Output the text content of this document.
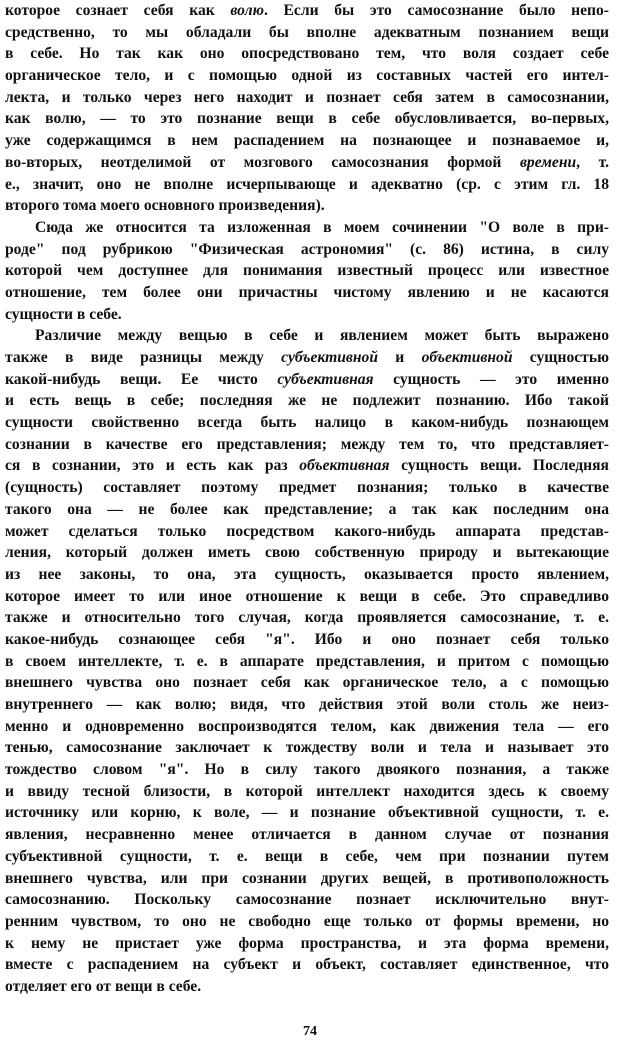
которое сознает себя как волю. Если бы это самосознание было непо-
средственно, то мы обладали бы вполне адекватным познанием вещи
в себе. Но так как оно опосредствовано тем, что воля создает себе
органическое тело, и с помощью одной из составных частей его интел-
лекта, и только через него находит и познает себя затем в самосознании,
как волю, — то это познание вещи в себе обусловливается, во-первых,
уже содержащимся в нем распадением на познающее и познаваемое и,
во-вторых, неотделимой от мозгового самосознания формой времени, т.
е., значит, оно не вполне исчерпывающе и адекватно (ср. с этим гл. 18
второго тома моего основного произведения).
Сюда же относится та изложенная в моем сочинении "О воле в при-
роде" под рубрикою "Физическая астрономия" (с. 86) истина, в силу
которой чем доступнее для понимания известный процесс или известное
отношение, тем более они причастны чистому явлению и не касаются
сущности в себе.
Различие между вещью в себе и явлением может быть выражено
также в виде разницы между субъективной и объективной сущностью
какой-нибудь вещи. Ее чисто субъективная сущность — это именно
и есть вещь в себе; последняя же не подлежит познанию. Ибо такой
сущности свойственно всегда быть налицо в каком-нибудь познающем
сознании в качестве его представления; между тем то, что представляет-
ся в сознании, это и есть как раз объективная сущность вещи. Последняя
(сущность) составляет поэтому предмет познания; только в качестве
такого она — не более как представление; а так как последним она
может сделаться только посредством какого-нибудь аппарата представ-
ления, который должен иметь свою собственную природу и вытекающие
из нее законы, то она, эта сущность, оказывается просто явлением,
которое имеет то или иное отношение к вещи в себе. Это справедливо
также и относительно того случая, когда проявляется самосознание, т. е.
какое-нибудь сознающее себя "я". Ибо и оно познает себя только
в своем интеллекте, т. е. в аппарате представления, и притом с помощью
внешнего чувства оно познает себя как органическое тело, а с помощью
внутреннего — как волю; видя, что действия этой воли столь же неиз-
менно и одновременно воспроизводятся телом, как движения тела — его
тенью, самосознание заключает к тождеству воли и тела и называет это
тождество словом "я". Но в силу такого двоякого познания, а также
и ввиду тесной близости, в которой интеллект находится здесь к своему
источнику или корню, к воле, — и познание объективной сущности, т. е.
явления, несравненно менее отличается в данном случае от познания
субъективной сущности, т. е. вещи в себе, чем при познании путем
внешнего чувства, или при сознании других вещей, в противоположность
самосознанию. Поскольку самосознание познает исключительно внут-
ренним чувством, то оно не свободно еще только от формы времени, но
к нему не пристает уже форма пространства, и эта форма времени,
вместе с распадением на субъект и объект, составляет единственное, что
отделяет его от вещи в себе.
74
